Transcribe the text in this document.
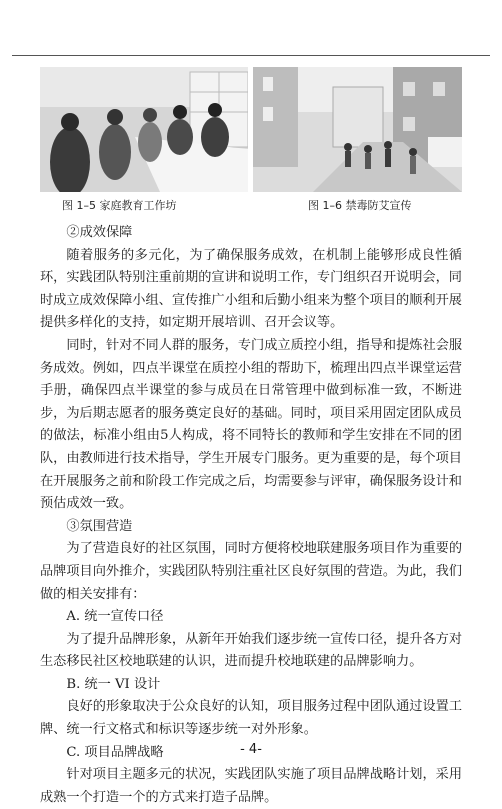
图 1–5 家庭教育工作坊	图 1–6 禁毒防艾宣传

②成效保障

随着服务的多元化，为了确保服务成效，在机制上能够形成良性循环，实践团队特别注重前期的宣讲和说明工作，专门组织召开说明会，同时成立成效保障小组、宣传推广小组和后勤小组来为整个项目的顺利开展提供多样化的支持，如定期开展培训、召开会议等。

同时，针对不同人群的服务，专门成立质控小组，指导和提炼社会服务成效。例如，四点半课堂在质控小组的帮助下，梳理出四点半课堂运营手册，确保四点半课堂的参与成员在日常管理中做到标准一致，不断进步，为后期志愿者的服务奠定良好的基础。同时，项目采用固定团队成员的做法，标准小组由5人构成，将不同特长的教师和学生安排在不同的团队，由教师进行技术指导，学生开展专门服务。更为重要的是，每个项目在开展服务之前和阶段工作完成之后，均需要参与评审，确保服务设计和预估成效一致。

③氛围营造

为了营造良好的社区氛围，同时方便将校地联建服务项目作为重要的品牌项目向外推介，实践团队特别注重社区良好氛围的营造。为此，我们做的相关安排有：

A. 统一宣传口径

为了提升品牌形象，从新年开始我们逐步统一宣传口径，提升各方对生态移民社区校地联建的认识，进而提升校地联建的品牌影响力。

B. 统一 VI 设计

良好的形象取决于公众良好的认知，项目服务过程中团队通过设置工牌、统一行文格式和标识等逐步统一对外形象。

C. 项目品牌战略

针对项目主题多元的状况，实践团队实施了项目品牌战略计划，采用成熟一个打造一个的方式来打造子品牌。

- 4-
